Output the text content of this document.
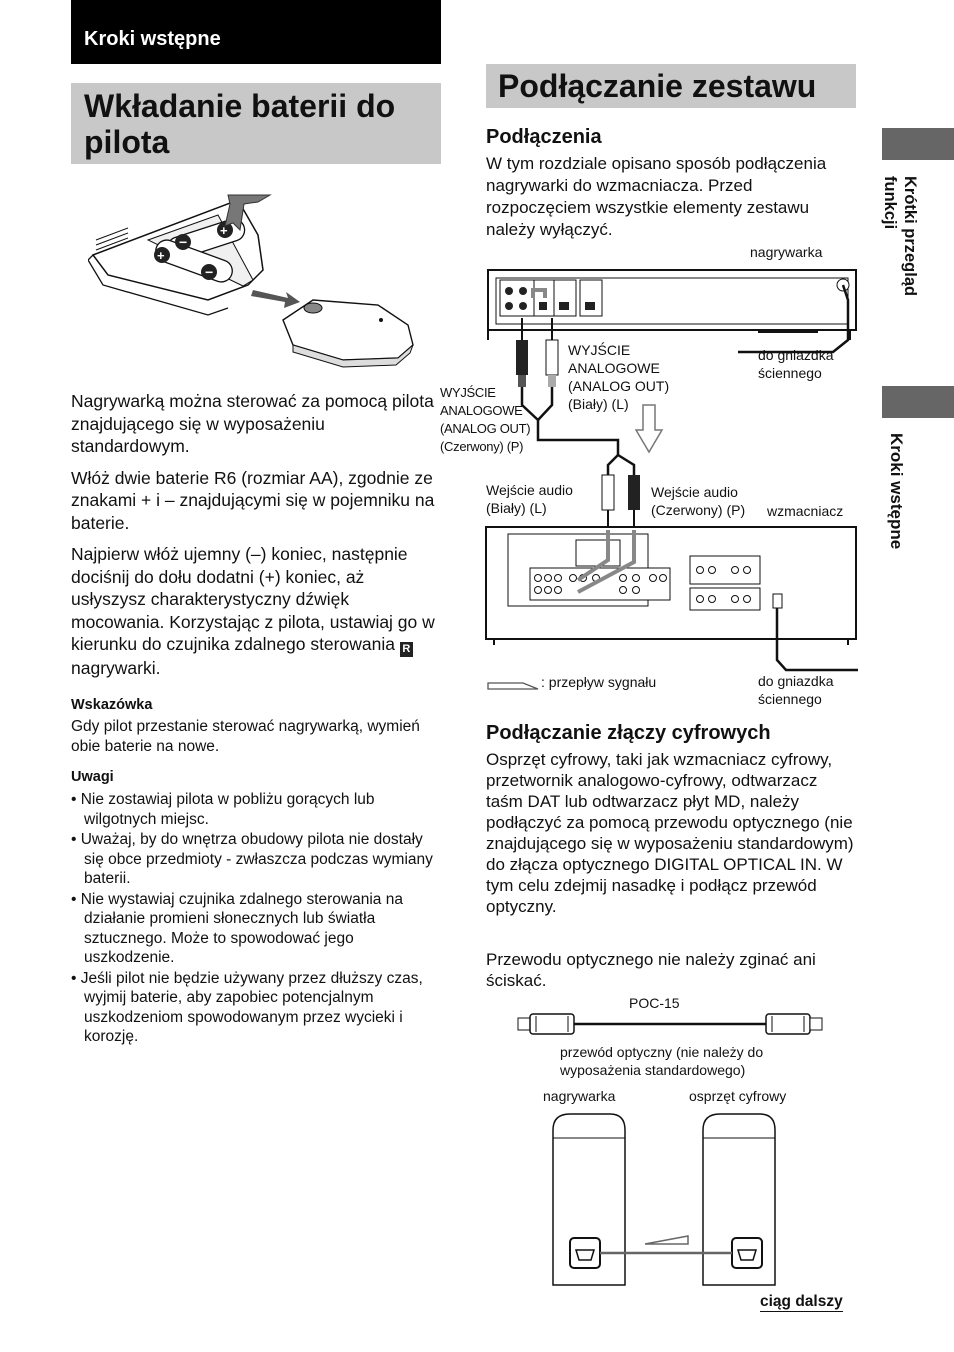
Kroki wstępne
Wkładanie baterii do pilota
−
+
+
−

Nagrywarką można sterować za pomocą pilota znajdującego się w wyposażeniu standardowym.

Włóż dwie baterie R6 (rozmiar AA), zgodnie ze znakami + i – znajdującymi się w pojemniku na baterie.

Najpierw włóż ujemny (–) koniec, następnie dociśnij do dołu dodatni (+) koniec, aż usłyszysz charakterystyczny dźwięk mocowania. Korzystając z pilota, ustawiaj go w kierunku do czujnika zdalnego sterowania R nagrywarki.

Wskazówka
Gdy pilot przestanie sterować nagrywarką, wymień obie baterie na nowe.
Uwagi
• Nie zostawiaj pilota w pobliżu gorących lub wilgotnych miejsc.
• Uważaj, by do wnętrza obudowy pilota nie dostały się obce przedmioty - zwłaszcza podczas wymiany baterii.
• Nie wystawiaj czujnika zdalnego sterowania na działanie promieni słonecznych lub światła sztucznego. Może to spowodować jego uszkodzenie.
• Jeśli pilot nie będzie używany przez dłuższy czas, wyjmij baterie, aby zapobiec potencjalnym uszkodzeniom spowodowanym przez wycieki i korozję.
Podłączanie zestawu
Podłączenia
W tym rozdziale opisano sposób podłączenia nagrywarki do wzmacniacza. Przed rozpoczęciem wszystkie elementy zestawu należy wyłączyć.
nagrywarka
WYJŚCIE
ANALOGOWE
(ANALOG OUT)
(Biały) (L)
WYJŚCIE
ANALOGOWE
(ANALOG OUT)
(Czerwony) (P)
do gniazdka
ściennego
Wejście audio
(Biały) (L)
Wejście audio
(Czerwony) (P) wzmacniacz
: przepływ sygnału	do gniazdka
ściennego
Podłączanie złączy cyfrowych
Osprzęt cyfrowy, taki jak wzmacniacz cyfrowy, przetwornik analogowo-cyfrowy, odtwarzacz taśm DAT lub odtwarzacz płyt MD, należy podłączyć za pomocą przewodu optycznego (nie znajdującego się w wyposażeniu standardowym) do złącza optycznego DIGITAL OPTICAL IN. W tym celu zdejmij nasadkę i podłącz przewód optyczny.
Przewodu optycznego nie należy zginać ani ściskać.
POC-15
przewód optyczny (nie należy do
wyposażenia standardowego)
nagrywarka	osprzęt cyfrowy
ciąg dalszy
Krótki przegląd funkcji
Kroki wstępne
